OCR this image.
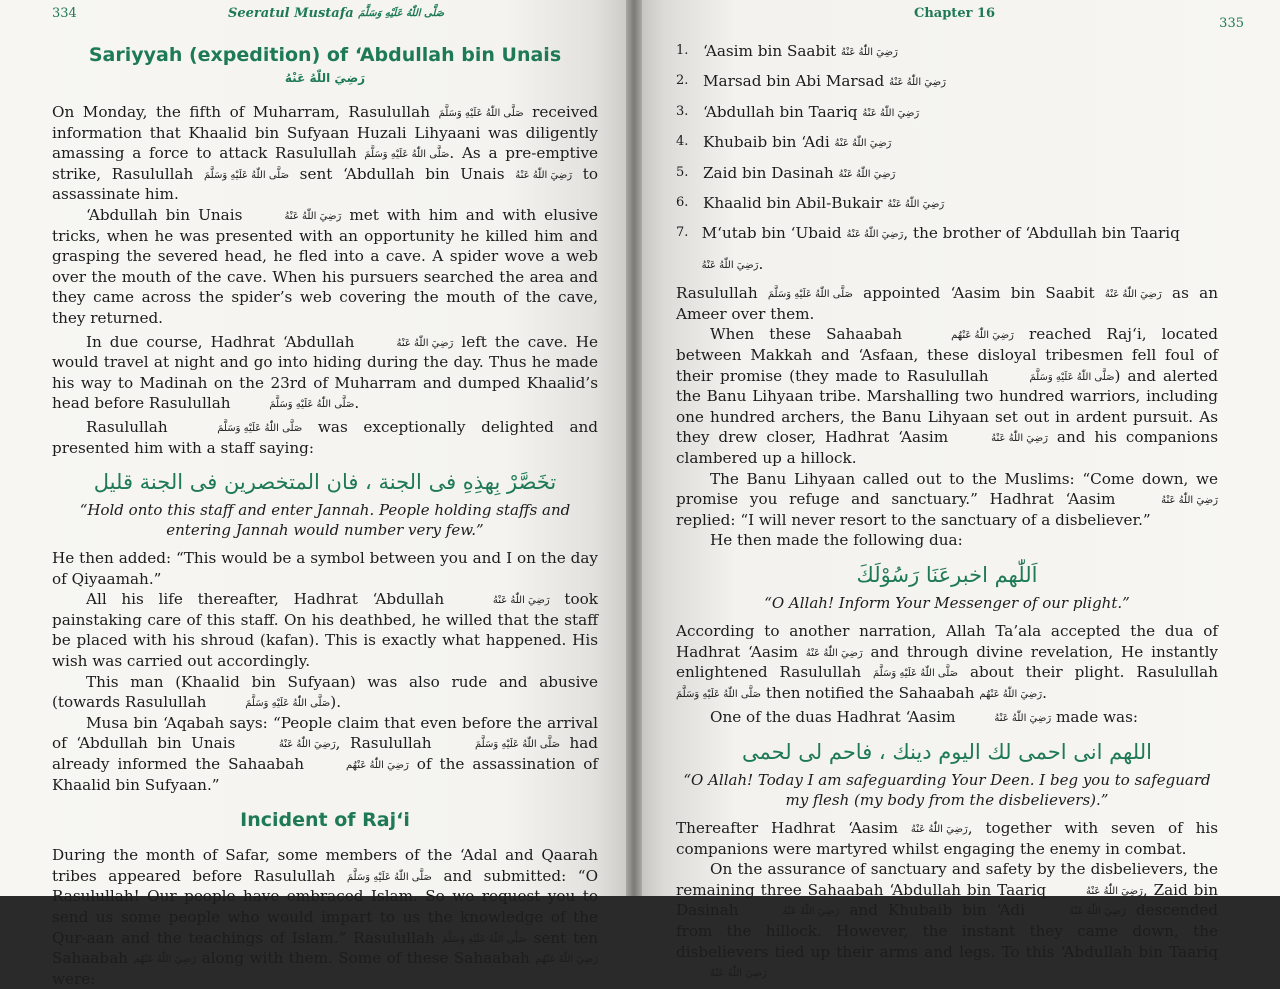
334	Seeratul Mustafa صَلَّى اللّٰهُ عَلَيْهِ وَسَلَّمَ
Sariyyah (expedition) of ‘Abdullah bin Unais رَضِيَ اللّٰهُ عَنْهُ

On Monday, the fifth of Muharram, Rasulullah صَلَّى اللّٰهُ عَلَيْهِ وَسَلَّمَ received information that Khaalid bin Sufyaan Huzali Lihyaani was diligently amassing a force to attack Rasulullah صَلَّى اللّٰهُ عَلَيْهِ وَسَلَّمَ. As a pre-emptive strike, Rasulullah صَلَّى اللّٰهُ عَلَيْهِ وَسَلَّمَ sent ‘Abdullah bin Unais رَضِيَ اللّٰهُ عَنْهُ to assassinate him.

‘Abdullah bin Unais	رَضِيَ اللّٰهُ عَنْهُ met with him and with elusive tricks, when he was presented with an opportunity he killed him and grasping the severed head, he fled into a cave. A spider wove a web over the mouth of the cave. When his pursuers searched the area and they came across the spider’s web covering the mouth of the cave, they returned.

In due course, Hadhrat ‘Abdullah	رَضِيَ اللّٰهُ عَنْهُ left the cave. He would travel at night and go into hiding during the day. Thus he made his way to Madinah on the 23rd of Muharram and dumped Khaalid’s head before Rasulullah	صَلَّى اللّٰهُ عَلَيْهِ وَسَلَّمَ.

Rasulullah	صَلَّى اللّٰهُ عَلَيْهِ وَسَلَّمَ was exceptionally delighted and presented him with a staff saying:

تخَصَّرْ بِهذِهِ فى الجنة ، فان المتخصرين فى الجنة قليل
“Hold onto this staff and enter Jannah. People holding staffs and entering Jannah would number very few.”

He then added: “This would be a symbol between you and I on the day of Qiyaamah.”

All his life thereafter, Hadhrat ‘Abdullah	رَضِيَ اللّٰهُ عَنْهُ took painstaking care of this staff. On his deathbed, he willed that the staff be placed with his shroud (kafan). This is exactly what happened. His wish was carried out accordingly.

This man (Khaalid bin Sufyaan) was also rude and abusive (towards Rasulullah	صَلَّى اللّٰهُ عَلَيْهِ وَسَلَّمَ).

Musa bin ‘Aqabah says: “People claim that even before the arrival of ‘Abdullah bin Unais	رَضِيَ اللّٰهُ عَنْهُ, Rasulullah	صَلَّى اللّٰهُ عَلَيْهِ وَسَلَّمَ had already informed the Sahaabah	رَضِيَ اللّٰهُ عَنْهُم of the assassination of Khaalid bin Sufyaan.”

Incident of Raj‘i

During the month of Safar, some members of the ‘Adal and Qaarah tribes appeared before Rasulullah صَلَّى اللّٰهُ عَلَيْهِ وَسَلَّمَ and submitted: “O Rasulullah! Our people have embraced Islam. So we request you to send us some people who would impart to us the knowledge of the Qur-aan and the teachings of Islam.” Rasulullah صَلَّى اللّٰهُ عَلَيْهِ وَسَلَّمَ sent ten Sahaabah رَضِيَ اللّٰهُ عَنْهُم along with them. Some of these Sahaabah رَضِيَ اللّٰهُ عَنْهُم were:

Chapter 16
335
1. ‘Aasim bin Saabit رَضِيَ اللّٰهُ عَنْهُ
2. Marsad bin Abi Marsad رَضِيَ اللّٰهُ عَنْهُ
3. ‘Abdullah bin Taariq رَضِيَ اللّٰهُ عَنْهُ
4. Khubaib bin ‘Adi رَضِيَ اللّٰهُ عَنْهُ
5. Zaid bin Dasinah رَضِيَ اللّٰهُ عَنْهُ
6. Khaalid bin Abil-Bukair رَضِيَ اللّٰهُ عَنْهُ
7. M‘utab bin ‘Ubaid رَضِيَ اللّٰهُ عَنْهُ, the brother of ‘Abdullah bin Taariq رَضِيَ اللّٰهُ عَنْهُ.

Rasulullah صَلَّى اللّٰهُ عَلَيْهِ وَسَلَّمَ appointed ‘Aasim bin Saabit رَضِيَ اللّٰهُ عَنْهُ as an Ameer over them.

When these Sahaabah	رَضِيَ اللّٰهُ عَنْهُم reached Raj‘i, located between Makkah and ‘Asfaan, these disloyal tribesmen fell foul of their promise (they made to Rasulullah	صَلَّى اللّٰهُ عَلَيْهِ وَسَلَّمَ) and alerted the Banu Lihyaan tribe. Marshalling two hundred warriors, including one hundred archers, the Banu Lihyaan set out in ardent pursuit. As they drew closer, Hadhrat ‘Aasim	رَضِيَ اللّٰهُ عَنْهُ and his companions clambered up a hillock.

The Banu Lihyaan called out to the Muslims: “Come down, we promise you refuge and sanctuary.” Hadhrat ‘Aasim	رَضِيَ اللّٰهُ عَنْهُ replied: “I will never resort to the sanctuary of a disbeliever.”

He then made the following dua:

اَللّٰهم اخبرعَنَا رَسُوْلَكَ
“O Allah! Inform Your Messenger of our plight.”

According to another narration, Allah Ta’ala accepted the dua of Hadhrat ‘Aasim رَضِيَ اللّٰهُ عَنْهُ and through divine revelation, He instantly enlightened Rasulullah صَلَّى اللّٰهُ عَلَيْهِ وَسَلَّمَ about their plight. Rasulullah صَلَّى اللّٰهُ عَلَيْهِ وَسَلَّمَ then notified the Sahaabah رَضِيَ اللّٰهُ عَنْهُم.

One of the duas Hadhrat ‘Aasim	رَضِيَ اللّٰهُ عَنْهُ made was:

اللهم انى احمى لك اليوم دينك ، فاحم لى لحمى
“O Allah! Today I am safeguarding Your Deen. I beg you to safeguard my flesh (my body from the disbelievers).”

Thereafter Hadhrat ‘Aasim رَضِيَ اللّٰهُ عَنْهُ, together with seven of his companions were martyred whilst engaging the enemy in combat.

On the assurance of sanctuary and safety by the disbelievers, the remaining three Sahaabah ‘Abdullah bin Taariq	رَضِيَ اللّٰهُ عَنْهُ, Zaid bin Dasinah	رَضِيَ اللّٰهُ عَنْهُ and Khubaib bin ‘Adi	رَضِيَ اللّٰهُ عَنْهُ descended from the hillock. However, the instant they came down, the disbelievers tied up their arms and legs. To this ‘Abdullah bin Taariq رَضِيَ اللّٰهُ عَنْهُ
